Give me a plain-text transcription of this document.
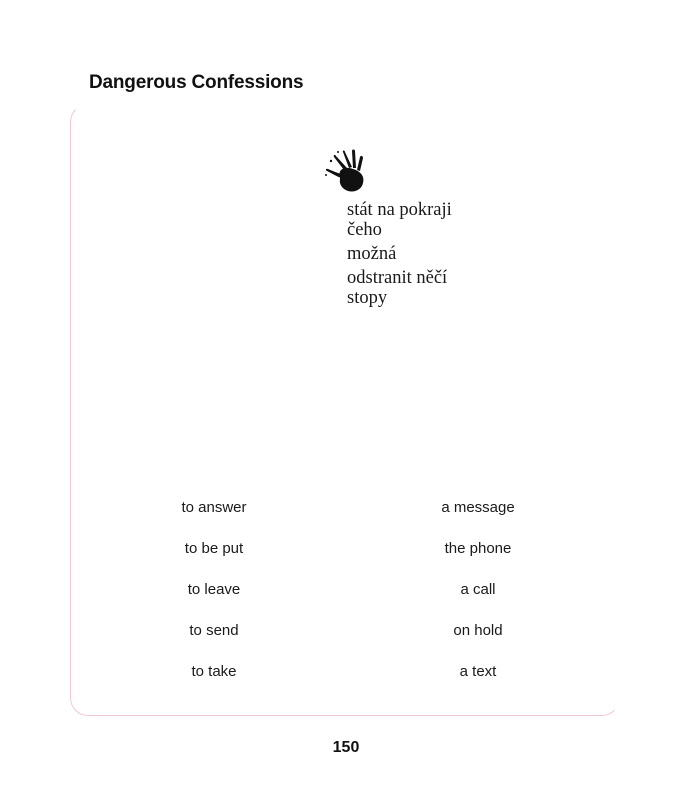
Dangerous Confessions
stát na pokraji
čeho
možná
odstranit něčí
stopy
to answer
to be put
to leave
to send
to take
a message
the phone
a call
on hold
a text
150
